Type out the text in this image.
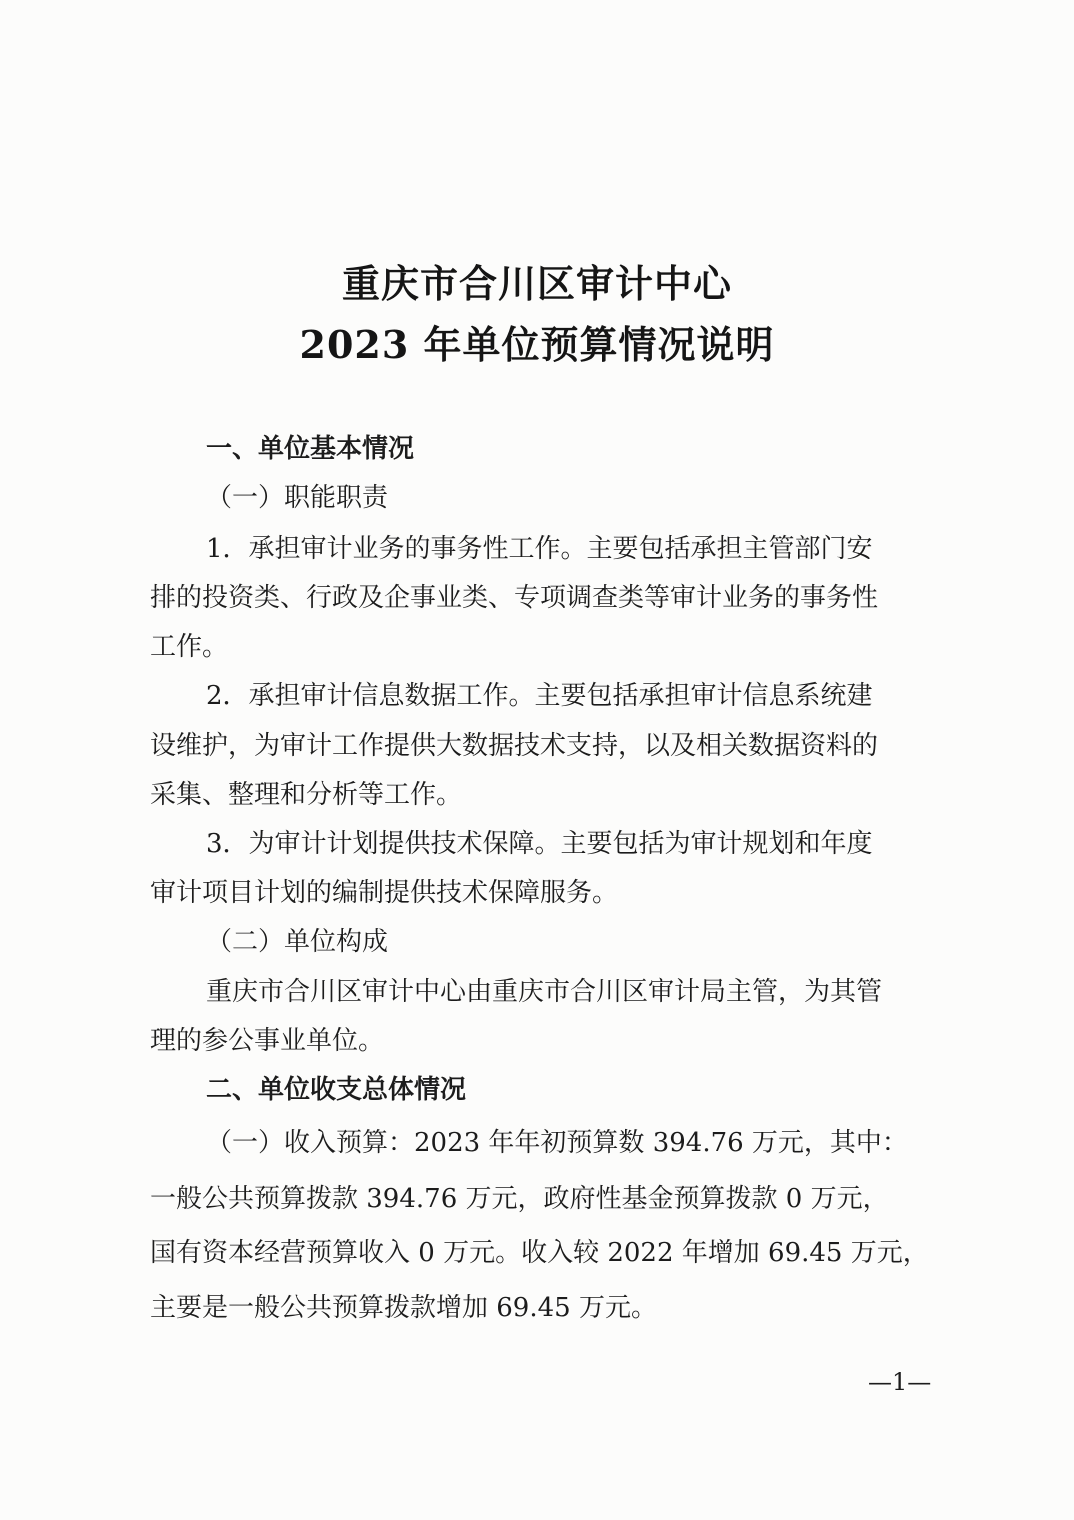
重庆市合川区审计中心
2023 年单位预算情况说明
一、单位基本情况
（一）职能职责
1．承担审计业务的事务性工作。主要包括承担主管部门安
排的投资类、行政及企事业类、专项调查类等审计业务的事务性
工作。
2．承担审计信息数据工作。主要包括承担审计信息系统建
设维护，为审计工作提供大数据技术支持，以及相关数据资料的
采集、整理和分析等工作。
3．为审计计划提供技术保障。主要包括为审计规划和年度
审计项目计划的编制提供技术保障服务。
（二）单位构成
重庆市合川区审计中心由重庆市合川区审计局主管，为其管
理的参公事业单位。
二、单位收支总体情况
（一）收入预算：2023 年年初预算数 394.76 万元，其中：
一般公共预算拨款 394.76 万元，政府性基金预算拨款 0 万元，
国有资本经营预算收入 0 万元。收入较 2022 年增加 69.45 万元，
主要是一般公共预算拨款增加 69.45 万元。
—1—
